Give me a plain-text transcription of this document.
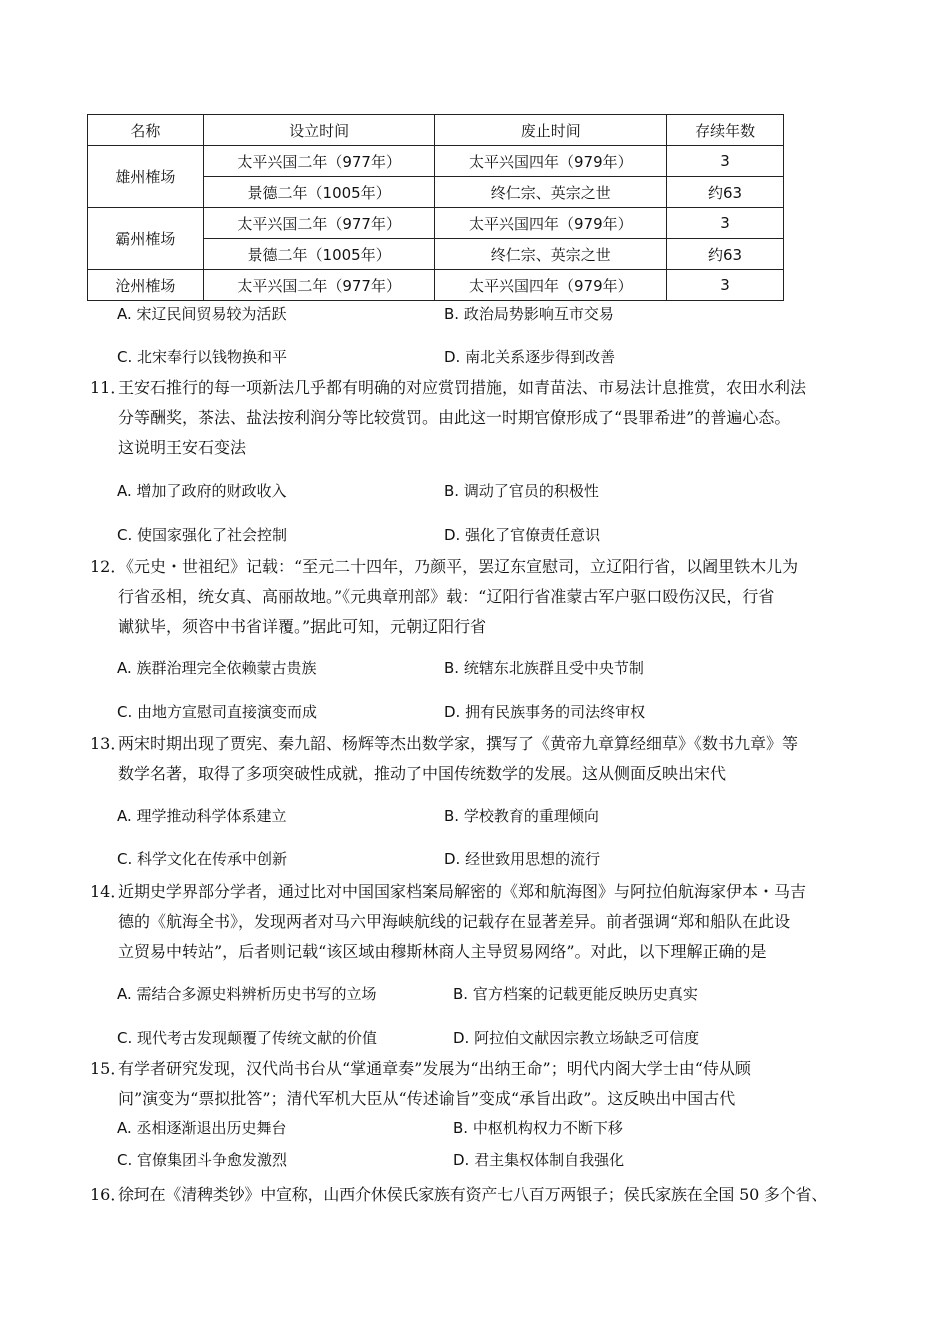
名称	设立时间	废止时间	存续年数
雄州榷场	太平兴国二年（977年）	太平兴国四年（979年）	3
	景德二年（1005年）	终仁宗、英宗之世	约63
霸州榷场	太平兴国二年（977年）	太平兴国四年（979年）	3
	景德二年（1005年）	终仁宗、英宗之世	约63
沧州榷场	太平兴国二年（977年）	太平兴国四年（979年）	3
A. 宋辽民间贸易较为活跃	B. 政治局势影响互市交易
C. 北宋奉行以钱物换和平	D. 南北关系逐步得到改善
11．
王安石推行的每一项新法几乎都有明确的对应赏罚措施，如青苗法、市易法计息推赏，农田水利法
分等酬奖，茶法、盐法按利润分等比较赏罚。由此这一时期官僚形成了“畏罪希进”的普遍心态。
这说明王安石变法
A. 增加了政府的财政收入	B. 调动了官员的积极性
C. 使国家强化了社会控制	D. 强化了官僚责任意识
12．
《元史・世祖纪》记载：“至元二十四年，乃颜平，罢辽东宣慰司，立辽阳行省，以阇里铁木儿为
行省丞相，统女真、高丽故地。”《元典章刑部》载：“辽阳行省准蒙古军户驱口殴伤汉民，行省
谳狱毕，须咨中书省详覆。”据此可知，元朝辽阳行省
A. 族群治理完全依赖蒙古贵族	B. 统辖东北族群且受中央节制
C. 由地方宣慰司直接演变而成	D. 拥有民族事务的司法终审权
13．
两宋时期出现了贾宪、秦九韶、杨辉等杰出数学家，撰写了《黄帝九章算经细草》《数书九章》等
数学名著，取得了多项突破性成就，推动了中国传统数学的发展。这从侧面反映出宋代
A. 理学推动科学体系建立	B. 学校教育的重理倾向
C. 科学文化在传承中创新	D. 经世致用思想的流行
14．
近期史学界部分学者，通过比对中国国家档案局解密的《郑和航海图》与阿拉伯航海家伊本・马吉
德的《航海全书》，发现两者对马六甲海峡航线的记载存在显著差异。前者强调“郑和船队在此设
立贸易中转站”，后者则记载“该区域由穆斯林商人主导贸易网络”。对此，以下理解正确的是
A. 需结合多源史料辨析历史书写的立场	B. 官方档案的记载更能反映历史真实
C. 现代考古发现颠覆了传统文献的价值	D. 阿拉伯文献因宗教立场缺乏可信度
15．
有学者研究发现，汉代尚书台从“掌通章奏”发展为“出纳王命”；明代内阁大学士由“侍从顾
问”演变为“票拟批答”；清代军机大臣从“传述谕旨”变成“承旨出政”。这反映出中国古代
A. 丞相逐渐退出历史舞台	B. 中枢机构权力不断下移
C. 官僚集团斗争愈发激烈	D. 君主集权体制自我强化
16．
徐珂在《清稗类钞》中宣称，山西介休侯氏家族有资产七八百万两银子；侯氏家族在全国 50 多个省、
